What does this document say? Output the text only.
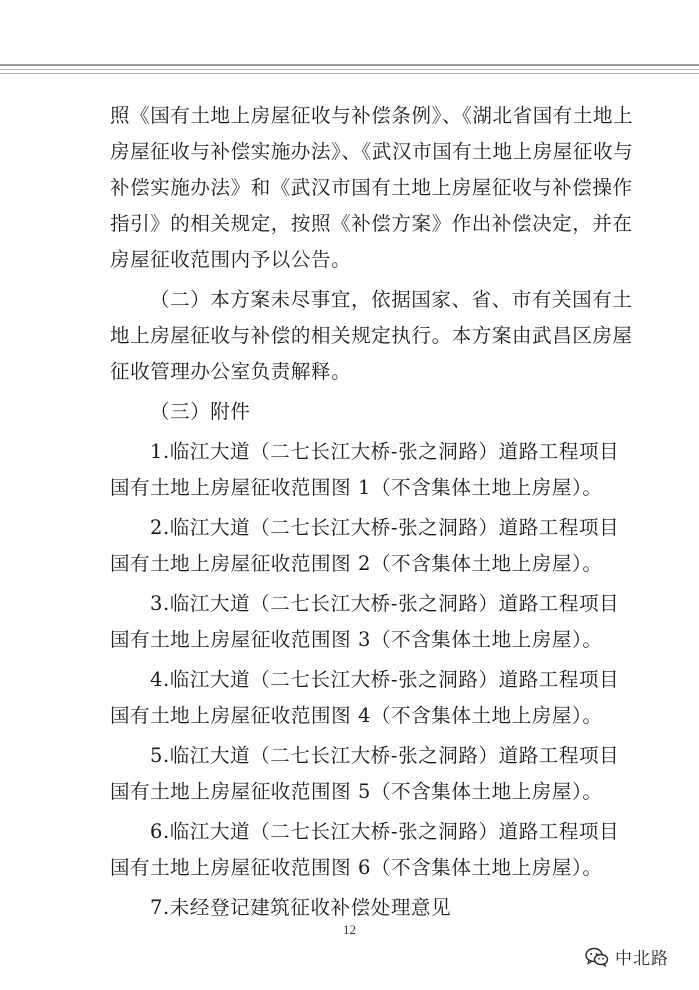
照《国有土地上房屋征收与补偿条例》、《湖北省国有土地上
房屋征收与补偿实施办法》、《武汉市国有土地上房屋征收与
补偿实施办法》和《武汉市国有土地上房屋征收与补偿操作
指引》的相关规定，按照《补偿方案》作出补偿决定，并在
房屋征收范围内予以公告。
（二）本方案未尽事宜，依据国家、省、市有关国有土
地上房屋征收与补偿的相关规定执行。本方案由武昌区房屋
征收管理办公室负责解释。
（三）附件
1.临江大道（二七长江大桥-张之洞路）道路工程项目
国有土地上房屋征收范围图 1（不含集体土地上房屋）。
2.临江大道（二七长江大桥-张之洞路）道路工程项目
国有土地上房屋征收范围图 2（不含集体土地上房屋）。
3.临江大道（二七长江大桥-张之洞路）道路工程项目
国有土地上房屋征收范围图 3（不含集体土地上房屋）。
4.临江大道（二七长江大桥-张之洞路）道路工程项目
国有土地上房屋征收范围图 4（不含集体土地上房屋）。
5.临江大道（二七长江大桥-张之洞路）道路工程项目
国有土地上房屋征收范围图 5（不含集体土地上房屋）。
6.临江大道（二七长江大桥-张之洞路）道路工程项目
国有土地上房屋征收范围图 6（不含集体土地上房屋）。
7.未经登记建筑征收补偿处理意见
12
中北路
